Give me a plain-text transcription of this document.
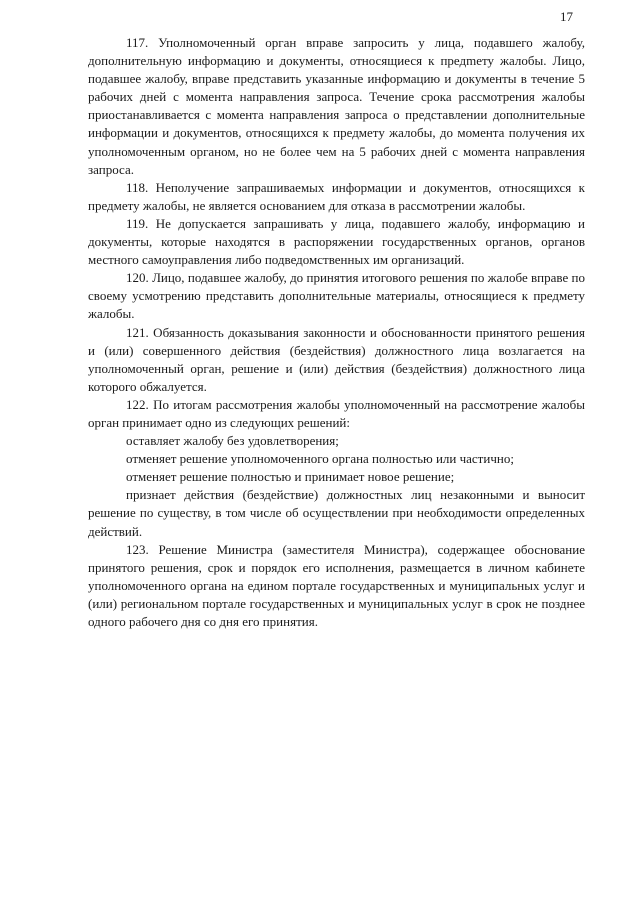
17

117. Уполномоченный орган вправе запросить у лица, подавшего жалобу, дополнительную информацию и документы, относящиеся к предmету жалобы. Лицо, подавшее жалобу, вправе представить указанные информацию и документы в течение 5 рабочих дней с момента направления запроса. Течение срока рассмотрения жалобы приостанавливается с момента направления запроса о представлении дополнительные информации и документов, относящихся к предмету жалобы, до момента получения их уполномоченным органом, но не более чем на 5 рабочих дней с момента направления запроса.

118. Неполучение запрашиваемых информации и документов, относящихся к предмету жалобы, не является основанием для отказа в рассмотрении жалобы.

119. Не допускается запрашивать у лица, подавшего жалобу, информацию и документы, которые находятся в распоряжении государственных органов, органов местного самоуправления либо подведомственных им организаций.

120. Лицо, подавшее жалобу, до принятия итогового решения по жалобе вправе по своему усмотрению представить дополнительные материалы, относящиеся к предмету жалобы.

121. Обязанность доказывания законности и обоснованности принятого решения и (или) совершенного действия (бездействия) должностного лица возлагается на уполномоченный орган, решение и (или) действия (бездействия) должностного лица которого обжалуется.

122. По итогам рассмотрения жалобы уполномоченный на рассмотрение жалобы орган принимает одно из следующих решений:

оставляет жалобу без удовлетворения;

отменяет решение уполномоченного органа полностью или частично;

отменяет решение полностью и принимает новое решение;

признает действия (бездействие) должностных лиц незаконными и выносит решение по существу, в том числе об осуществлении при необходимости определенных действий.

123. Решение Министра (заместителя Министра), содержащее обоснование принятого решения, срок и порядок его исполнения, размещается в личном кабинете уполномоченного органа на едином портале государственных и муниципальных услуг и (или) региональном портале государственных и муниципальных услуг в срок не позднее одного рабочего дня со дня его принятия.
